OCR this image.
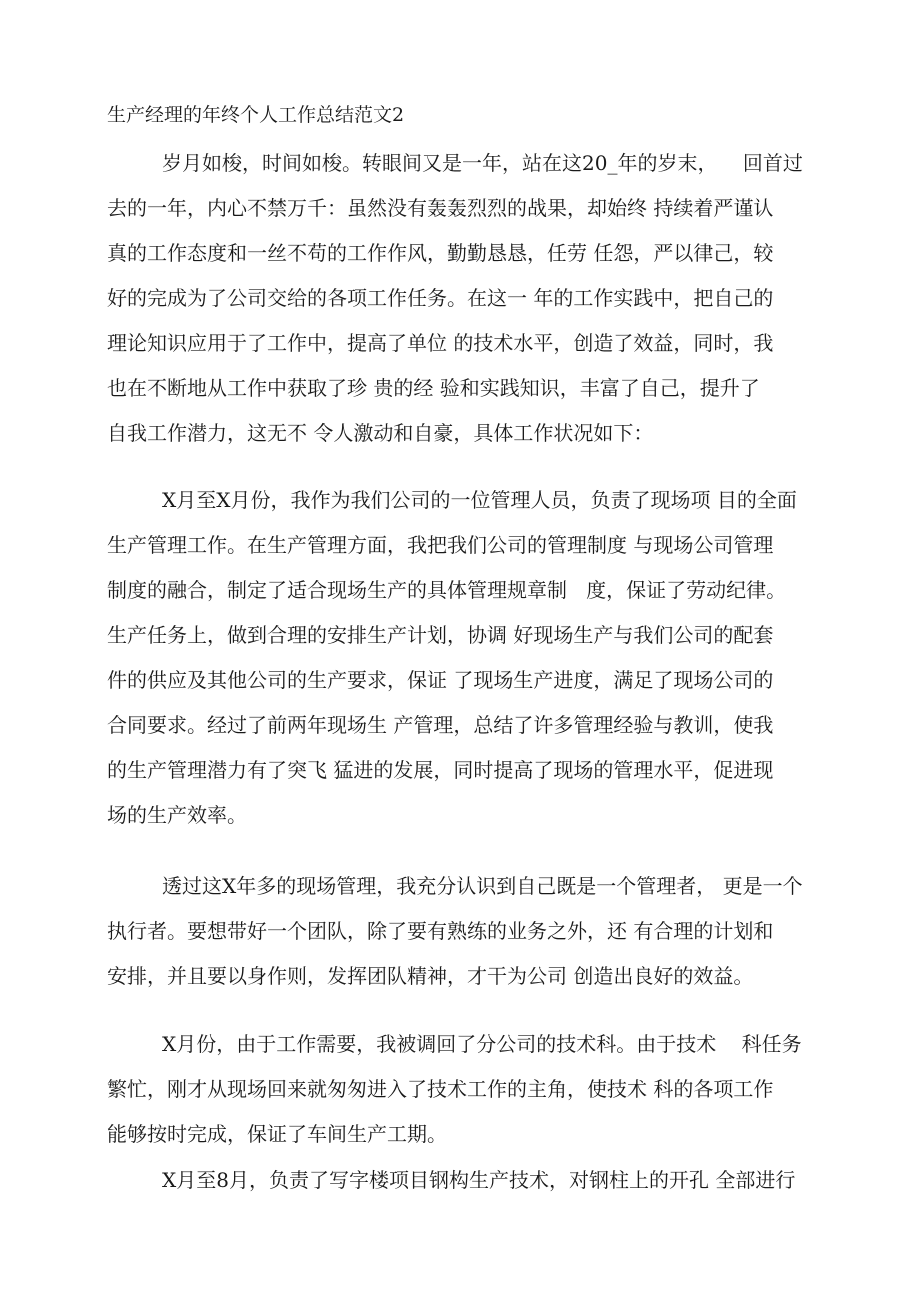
生产经理的年终个人工作总结范文2
岁月如梭，时间如梭。转眼间又是一年，站在这20_年的岁末，    回首过
去的一年，内心不禁万千：虽然没有轰轰烈烈的战果，却始终 持续着严谨认
真的工作态度和一丝不苟的工作作风，勤勤恳恳，任劳 任怨，严以律己，较
好的完成为了公司交给的各项工作任务。在这一 年的工作实践中，把自己的
理论知识应用于了工作中，提高了单位 的技术水平，创造了效益，同时，我
也在不断地从工作中获取了珍 贵的经 验和实践知识，丰富了自己，提升了
自我工作潜力，这无不 令人激动和自豪，具体工作状况如下：
X月至X月份，我作为我们公司的一位管理人员，负责了现场项 目的全面
生产管理工作。在生产管理方面，我把我们公司的管理制度 与现场公司管理
制度的融合，制定了适合现场生产的具体管理规章制   度，保证了劳动纪律。
生产任务上，做到合理的安排生产计划，协调 好现场生产与我们公司的配套
件的供应及其他公司的生产要求，保证 了现场生产进度，满足了现场公司的
合同要求。经过了前两年现场生 产管理，总结了许多管理经验与教训，使我
的生产管理潜力有了突飞 猛进的发展，同时提高了现场的管理水平，促进现
场的生产效率。
透过这X年多的现场管理，我充分认识到自己既是一个管理者， 更是一个
执行者。要想带好一个团队，除了要有熟练的业务之外，还 有合理的计划和
安排，并且要以身作则，发挥团队精神，才干为公司 创造出良好的效益。
X月份，由于工作需要，我被调回了分公司的技术科。由于技术    科任务
繁忙，刚才从现场回来就匆匆进入了技术工作的主角，使技术 科的各项工作
能够按时完成，保证了车间生产工期。
X月至8月，负责了写字楼项目钢构生产技术，对钢柱上的开孔 全部进行
